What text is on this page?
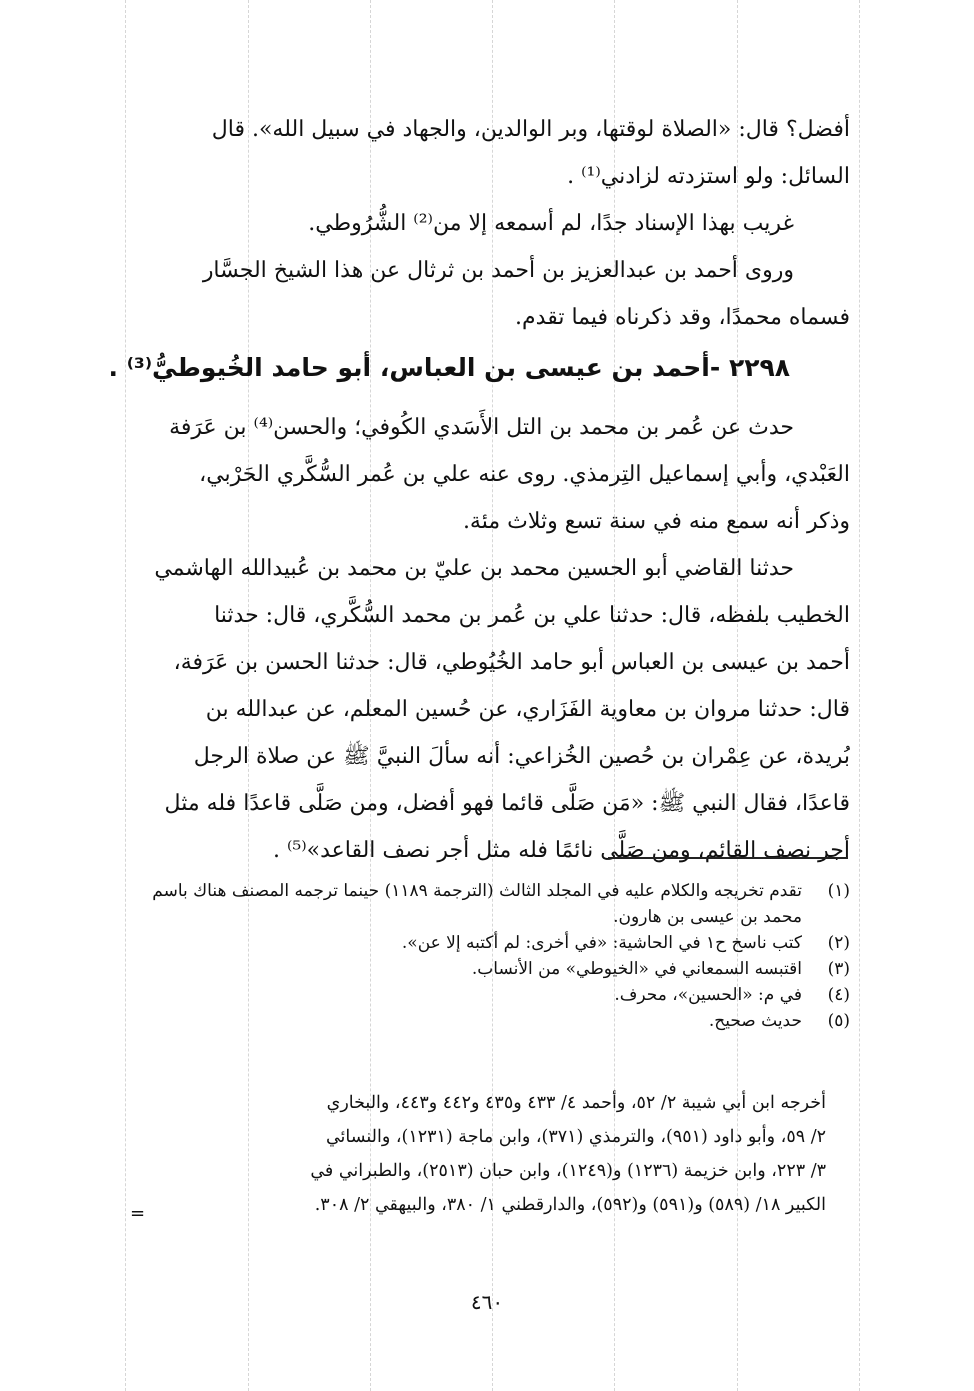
أفضل؟ قال: «الصلاة لوقتها، وبر الوالدين، والجهاد في سبيل الله». قال
السائل: ولو استزدته لزادني⁽¹⁾ .
غريب بهذا الإسناد جدًا، لم أسمعه إلا من⁽²⁾ الشُّرُوطي.
وروى أحمد بن عبدالعزيز بن أحمد بن ثرثال عن هذا الشيخ الجسَّار
فسماه محمدًا، وقد ذكرناه فيما تقدم.
٢٢٩٨ -أحمد بن عيسى بن العباس، أبو حامد الخُيوطيُّ⁽³⁾ .
حدث عن عُمر بن محمد بن التل الأَسَدي الكُوفي؛ والحسن⁽⁴⁾ بن عَرَفة
العَبْدي، وأبي إسماعيل التِرمذي. روى عنه علي بن عُمر السُّكَّري الحَرْبي،
وذكر أنه سمع منه في سنة تسع وثلاث مئة.
حدثنا القاضي أبو الحسين محمد بن عليّ بن محمد بن عُبيدالله الهاشمي
الخطيب بلفظه، قال: حدثنا علي بن عُمر بن محمد السُّكَّري، قال: حدثنا
أحمد بن عيسى بن العباس أبو حامد الخُيُوطي، قال: حدثنا الحسن بن عَرَفة،
قال: حدثنا مروان بن معاوية الفَزَاري، عن حُسين المعلم، عن عبدالله بن
بُريدة، عن عِمْران بن حُصين الخُزاعي: أنه سألَ النبيَّ ﷺ عن صلاة الرجل
قاعدًا، فقال النبي ﷺ: «مَن صَلَّى قائما فهو أفضل، ومن صَلَّى قاعدًا فله مثل
أجر نصف القائم، ومن صَلَّى نائمًا فله مثل أجر نصف القاعد»⁽⁵⁾ .
(١)
تقدم تخريجه والكلام عليه في المجلد الثالث (الترجمة ١١٨٩) حينما ترجمه المصنف هناك باسم محمد بن عيسى بن هارون.
(٢)
كتب ناسخ ح١ في الحاشية: «في أخرى: لم أكتبه إلا عن».
(٣)
اقتبسه السمعاني في «الخيوطي» من الأنساب.
(٤)
في م: «الحسين»، محرف.
(٥)
حديث صحيح.
أخرجه ابن أبي شيبة ٢/ ٥٢، وأحمد ٤/ ٤٣٣ و٤٣٥ و٤٤٢ و٤٤٣، والبخاري
٢/ ٥٩، وأبو داود (٩٥١)، والترمذي (٣٧١)، وابن ماجة (١٢٣١)، والنسائي
٣/ ٢٢٣، وابن خزيمة (١٢٣٦) و(١٢٤٩)، وابن حبان (٢٥١٣)، والطبراني في
الكبير ١٨/ (٥٨٩) و(٥٩١) و(٥٩٢)، والدارقطني ١/ ٣٨٠، والبيهقي ٢/ ٣٠٨.
=
٤٦٠
